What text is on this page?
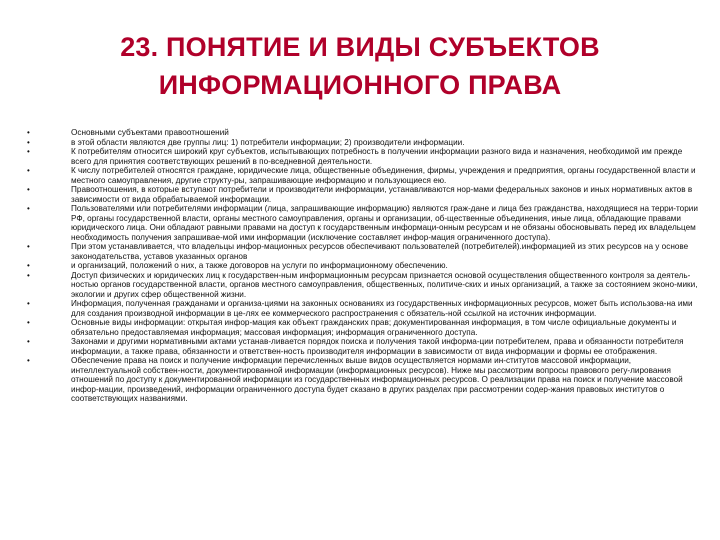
23. ПОНЯТИЕ И ВИДЫ СУБЪЕКТОВ
ИНФОРМАЦИОННОГО ПРАВА
•	Основными субъектами правоотношений
•	в этой области являются две группы лиц: 1) потребители информации; 2) производители информации.
•	К потребителям относится широкий круг субъектов, испытывающих потребность в получении информации разного вида и назначения, необходимой им прежде всего для принятия соответствующих решений в по-вседневной деятельности.
•	К числу потребителей относятся граждане, юридические лица, общественные объединения, фирмы, учреждения и предприятия, органы государственной власти и местного самоуправления, другие структу-ры, запрашивающие информацию и пользующиеся ею.
•	Правоотношения, в которые вступают потребители и производители информации, устанавливаются нор-мами федеральных законов и иных нормативных актов в зависимости от вида обрабатываемой информации.
•	Пользователями или потребителями информации (лица, запрашивающие информацию) являются граж-дане и лица без гражданства, находящиеся на терри-тории РФ, органы государственной власти, органы местного самоуправления, органы и организации, об-щественные объединения, иные лица, обладающие правами юридического лица. Они обладают равными правами на доступ к государственным информаци-онным ресурсам и не обязаны обосновывать перед их владельцем необходимость получения запрашивае-мой ими информации (исключение составляет инфор-мация ограниченного доступа).
•	При этом устанавливается, что владельцы инфор-мационных ресурсов обеспечивают пользователей (потребителей).информацией из этих ресурсов на у основе законодательства, уставов указанных органов
•	и организаций, положений о них, а также договоров на услуги по информационному обеспечению.
•	Доступ физических и юридических лиц к государствен-ным информационным ресурсам признается основой осуществления общественного контроля за деятель-ностью органов государственной власти, органов местного самоуправления, общественных, политиче-ских и иных организаций, а также за состоянием эконо-мики, экологии и других сфер общественной жизни.
•	Информация, полученная гражданами и организа-циями на законных основаниях из государственных информационных ресурсов, может быть использова-на ими для создания производной информации в це-лях ее коммерческого распространения с обязатель-ной ссылкой на источник информации.
•	Основные виды информации: открытая инфор-мация как объект гражданских прав; документированная информация, в том числе официальные документы и обязательно предоставляемая информация; массовая информация; информация ограниченного доступа.
•	Законами и другими нормативными актами устанав-ливается порядок поиска и получения такой информа-ции потребителем, права и обязанности потребителя информации, а также права, обязанности и ответствен-ность производителя информации в зависимости от вида информации и формы ее отображения.
•	Обеспечение права на поиск и получение информации перечисленных выше видов осуществляется нормами ин-ститутов массовой информации, интеллектуальной собствен-ности, документированной информации (информационных ресурсов). Ниже мы рассмотрим вопросы правового регу-лирования отношений по доступу к документированной информации из государственных информационных ресурсов. О реализации права на поиск и получение массовой инфор-мации, произведений, информации ограниченного доступа будет сказано в других разделах при рассмотрении содер-жания правовых институтов о соответствующих названиями.
